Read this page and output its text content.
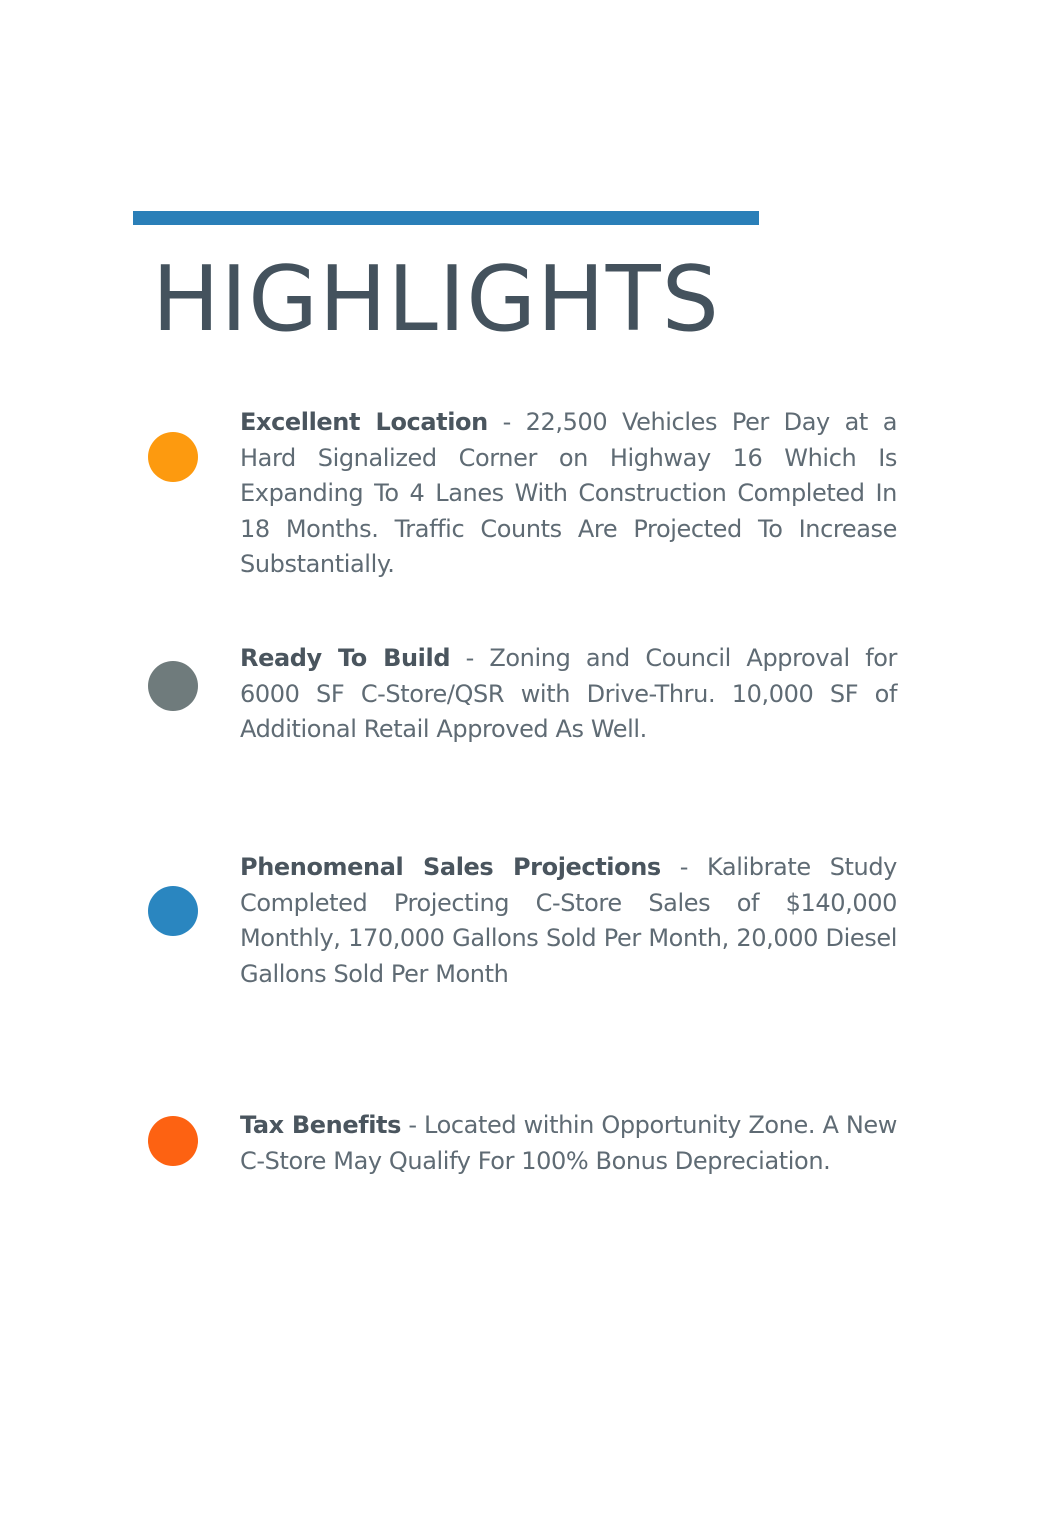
HIGHLIGHTS

Excellent Location - 22,500 Vehicles Per Day at a Hard Signalized Corner on Highway 16 Which Is Expanding To 4 Lanes With Construction Completed In 18 Months. Traffic Counts Are Projected To Increase Substantially.

Ready To Build - Zoning and Council Approval for 6000 SF C-Store/QSR with Drive-Thru. 10,000 SF of Additional Retail Approved As Well.

Phenomenal Sales Projections - Kalibrate Study Completed Projecting C-Store Sales of $140,000 Monthly, 170,000 Gallons Sold Per Month, 20,000 Diesel Gallons Sold Per Month

Tax Benefits - Located within Opportunity Zone. A New C-Store May Qualify For 100% Bonus Depreciation.
